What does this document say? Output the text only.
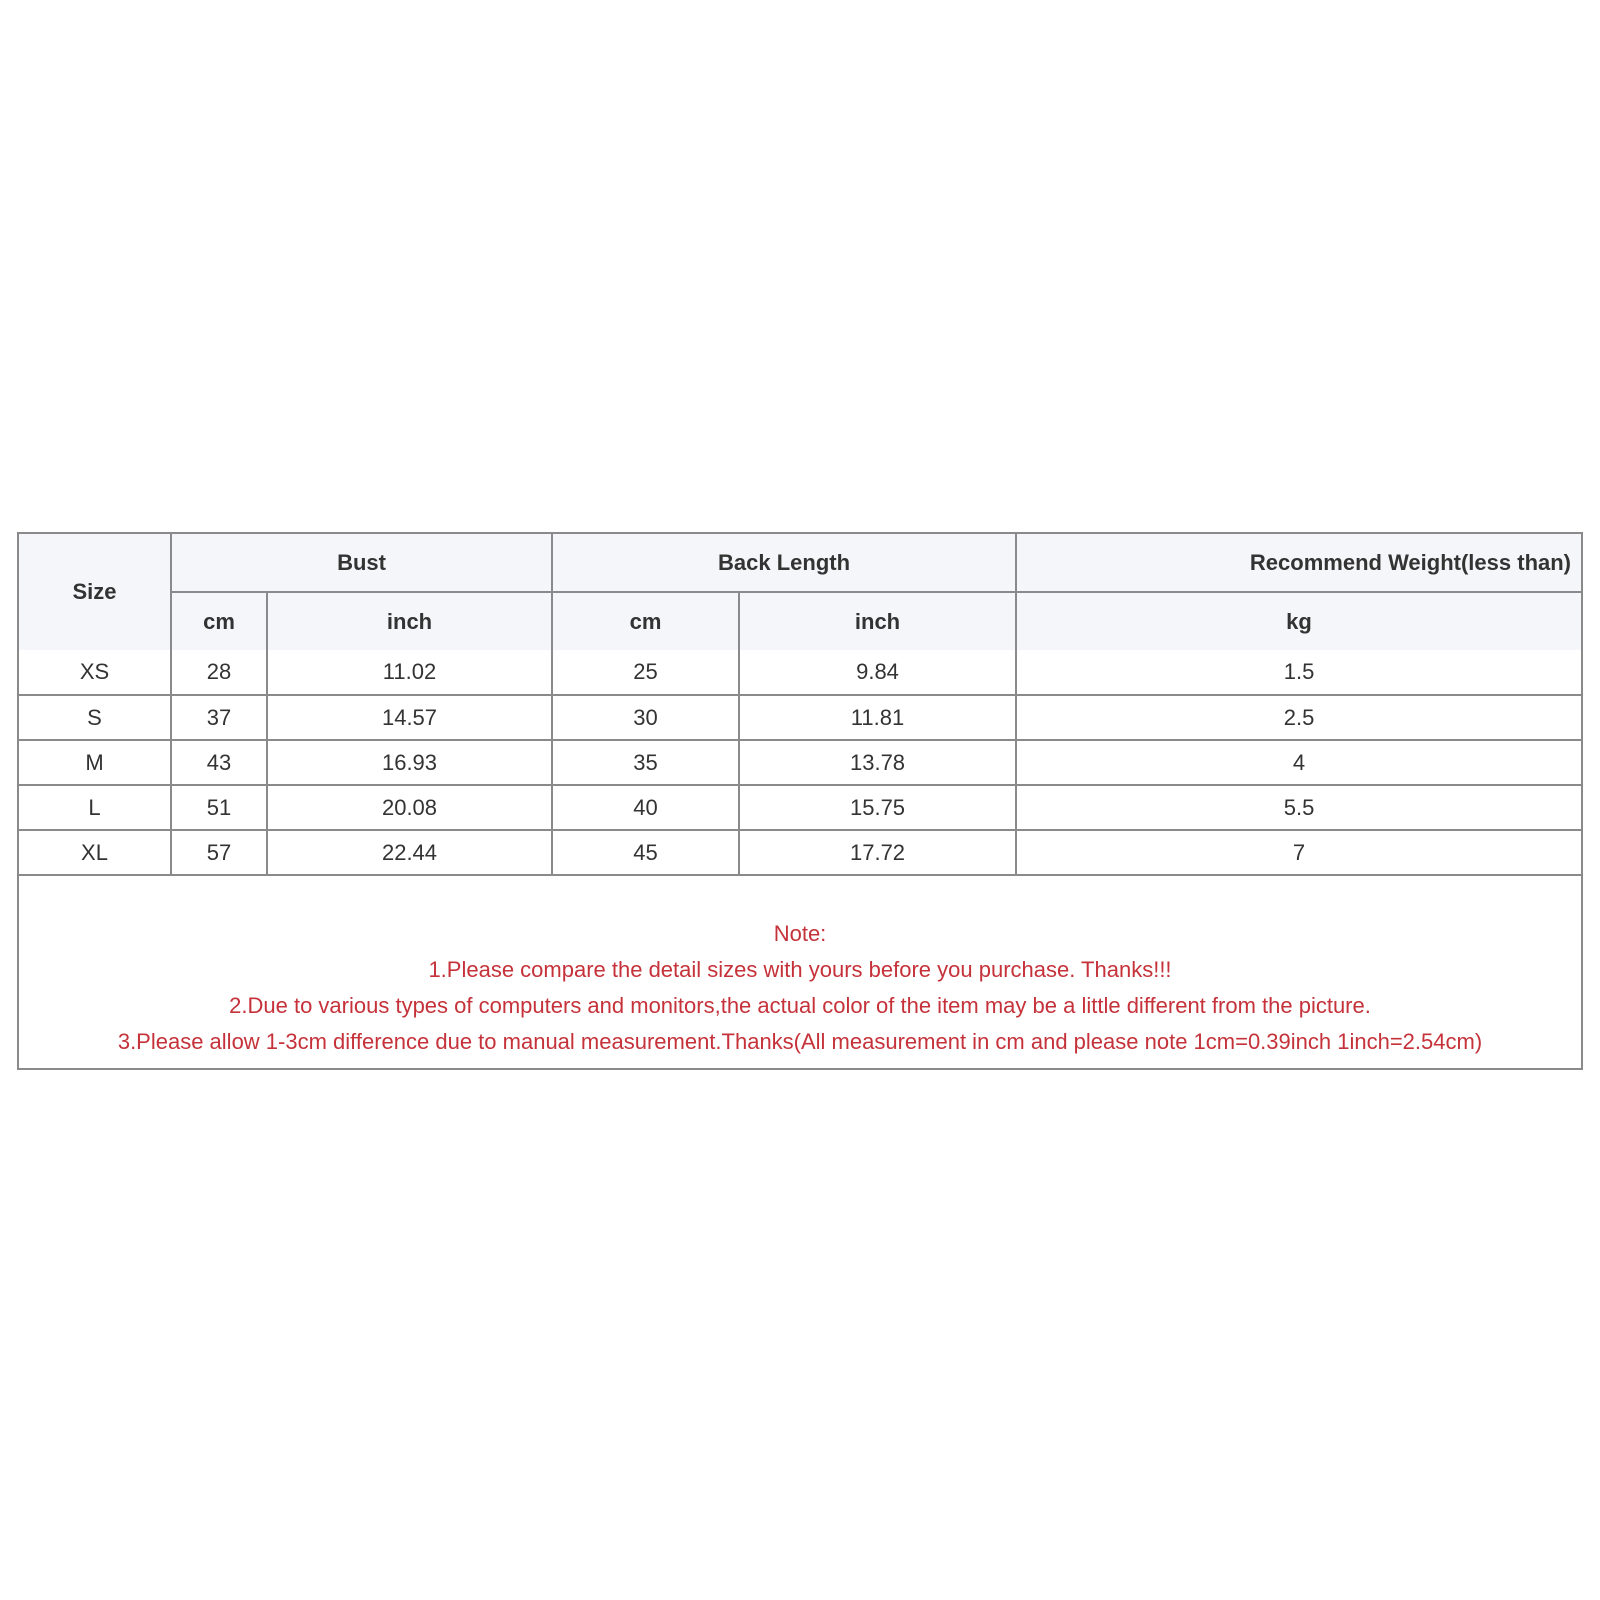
Size	Bust		Back Length		Recommend Weight(less than)
	cm	inch	cm	inch	kg
XS	28	11.02	25	9.84	1.5
S	37	14.57	30	11.81	2.5
M	43	16.93	35	13.78	4
L	51	20.08	40	15.75	5.5
XL	57	22.44	45	17.72	7
Note:
1.Please compare the detail sizes with yours before you purchase. Thanks!!!
2.Due to various types of computers and monitors,the actual color of the item may be a little different from the picture.
3.Please allow 1-3cm difference due to manual measurement.Thanks(All measurement in cm and please note 1cm=0.39inch 1inch=2.54cm)
